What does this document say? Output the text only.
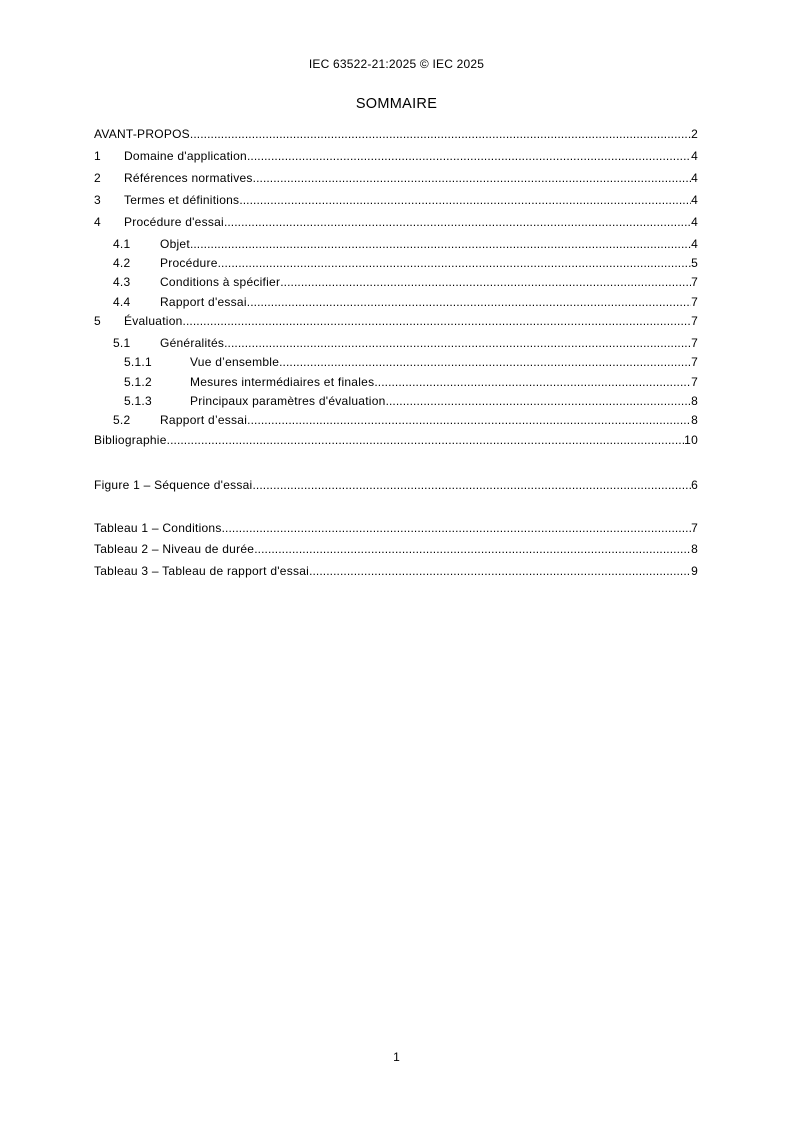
IEC 63522-21:2025 © IEC 2025
SOMMAIRE
AVANT-PROPOS .....	2
1	Domaine d'application .....	4
2	Références normatives .....	4
3	Termes et définitions .....	4
4	Procédure d'essai .....	4
4.1	Objet .....	4
4.2	Procédure .....	5
4.3	Conditions à spécifier .....	7
4.4	Rapport d'essai .....	7
5	Évaluation .....	7
5.1	Généralités .....	7
5.1.1	Vue d’ensemble .....	7
5.1.2	Mesures intermédiaires et finales .....	7
5.1.3	Principaux paramètres d'évaluation .....	8
5.2	Rapport d’essai .....	8
Bibliographie .....	10
Figure 1 – Séquence d'essai .....	6
Tableau 1 – Conditions .....	7
Tableau 2 – Niveau de durée .....	8
Tableau 3 – Tableau de rapport d'essai .....	9
1
